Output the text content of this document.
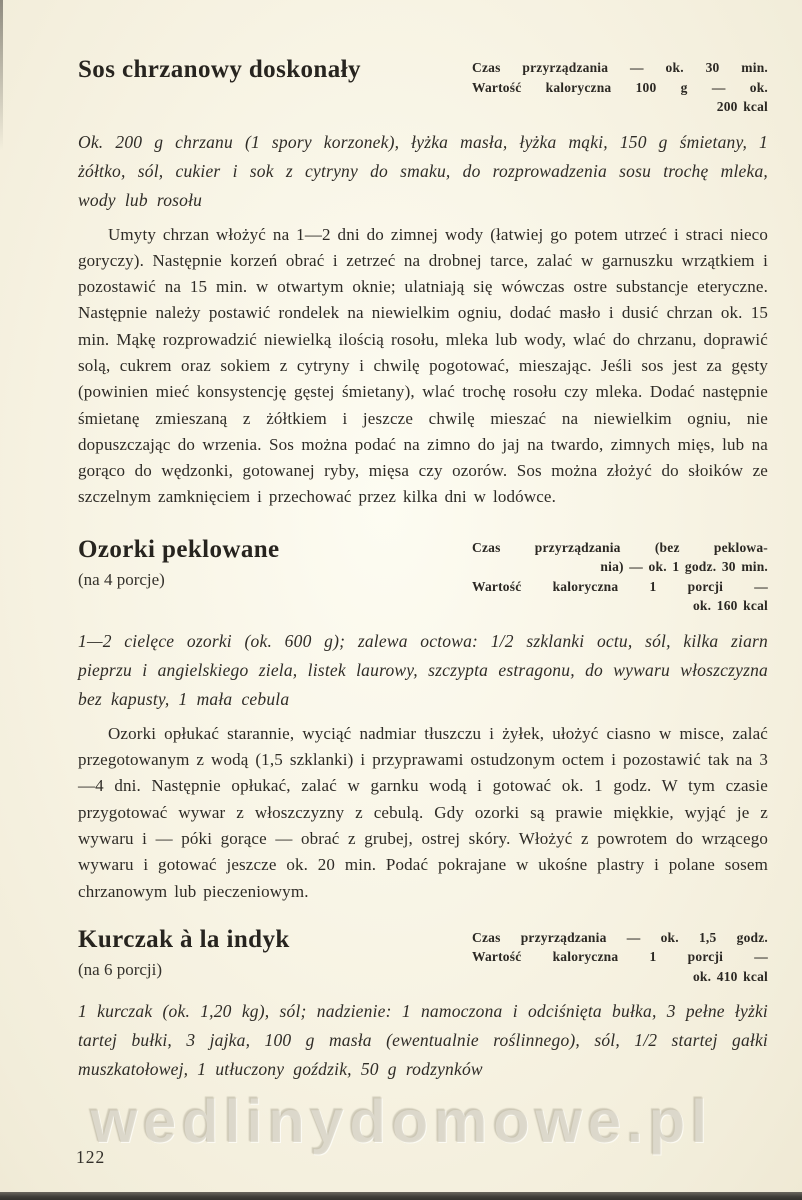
Sos chrzanowy doskonały	Czas przyrządzania — ok. 30 min.
Wartość kaloryczna 100 g — ok.
200 kcal

Ok. 200 g chrzanu (1 spory korzonek), łyżka masła, łyżka mąki, 150 g śmietany, 1 żółtko, sól, cukier i sok z cytryny do smaku, do rozprowadzenia sosu trochę mleka, wody lub rosołu

Umyty chrzan włożyć na 1—2 dni do zimnej wody (łatwiej go potem utrzeć i straci nieco goryczy). Następnie korzeń obrać i zetrzeć na drobnej tarce, zalać w garnuszku wrzątkiem i pozostawić na 15 min. w otwartym oknie; ulatniają się wówczas ostre substancje eteryczne. Następnie należy postawić rondelek na niewielkim ogniu, dodać masło i dusić chrzan ok. 15 min. Mąkę rozprowadzić niewielką ilością rosołu, mleka lub wody, wlać do chrzanu, doprawić solą, cukrem oraz sokiem z cytryny i chwilę pogotować, mieszając. Jeśli sos jest za gęsty (powinien mieć konsystencję gęstej śmietany), wlać trochę rosołu czy mleka. Dodać następnie śmietanę zmieszaną z żółtkiem i jeszcze chwilę mieszać na niewielkim ogniu, nie dopuszczając do wrzenia. Sos można podać na zimno do jaj na twardo, zimnych mięs, lub na gorąco do wędzonki, gotowanej ryby, mięsa czy ozorów. Sos można złożyć do słoików ze szczelnym zamknięciem i przechować przez kilka dni w lodówce.

Ozorki peklowane
(na 4 porcje)
Czas przyrządzania (bez peklowa-
nia) — ok. 1 godz. 30 min.
Wartość kaloryczna 1 porcji —
ok. 160 kcal

1—2 cielęce ozorki (ok. 600 g); zalewa octowa: 1/2 szklanki octu, sól, kilka ziarn pieprzu i angielskiego ziela, listek laurowy, szczypta estragonu, do wywaru włoszczyzna bez kapusty, 1 mała cebula

Ozorki opłukać starannie, wyciąć nadmiar tłuszczu i żyłek, ułożyć ciasno w misce, zalać przegotowanym z wodą (1,5 szklanki) i przyprawami ostudzonym octem i pozostawić tak na 3—4 dni. Następnie opłukać, zalać w garnku wodą i gotować ok. 1 godz. W tym czasie przygotować wywar z włoszczyzny z cebulą. Gdy ozorki są prawie miękkie, wyjąć je z wywaru i — póki gorące — obrać z grubej, ostrej skóry. Włożyć z powrotem do wrzącego wywaru i gotować jeszcze ok. 20 min. Podać pokrajane w ukośne plastry i polane sosem chrzanowym lub pieczeniowym.

Kurczak à la indyk
(na 6 porcji)
Czas przyrządzania — ok. 1,5 godz.
Wartość kaloryczna 1 porcji —
ok. 410 kcal

1 kurczak (ok. 1,20 kg), sól; nadzienie: 1 namoczona i odciśnięta bułka, 3 pełne łyżki tartej bułki, 3 jajka, 100 g masła (ewentualnie roślinnego), sól, 1/2 startej gałki muszkatołowej, 1 utłuczony goździk, 50 g rodzynków

wedlinydomowe.pl
122
